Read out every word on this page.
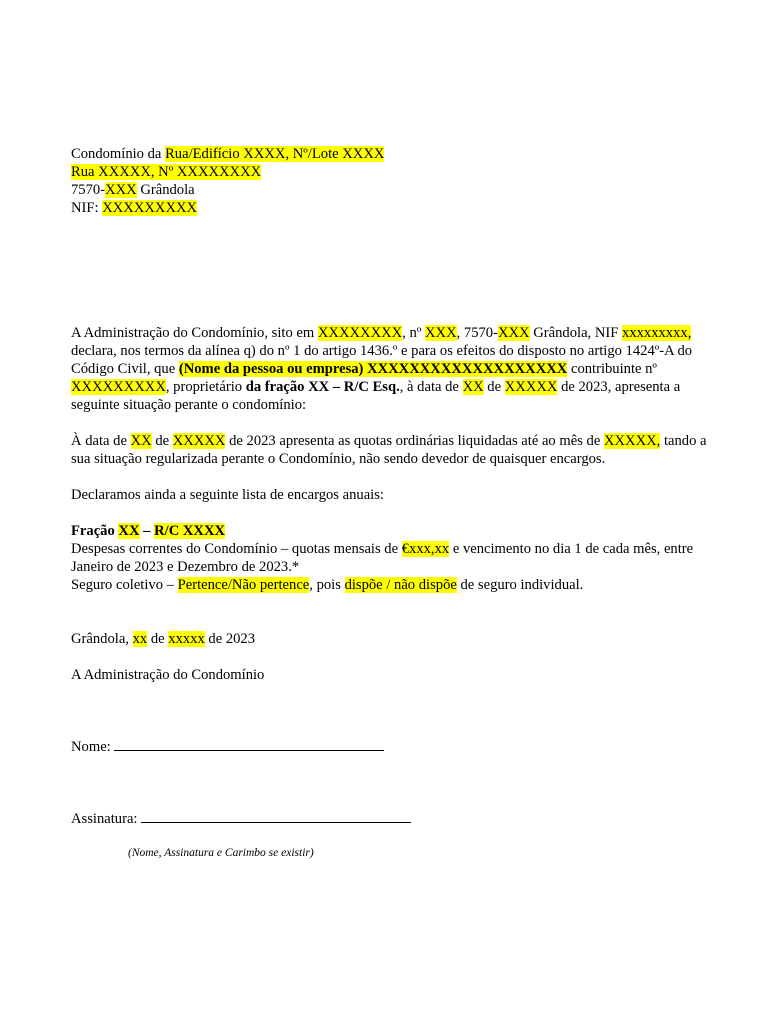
Condomínio da Rua/Edifício XXXX, Nº/Lote XXXX
Rua XXXXX, Nº XXXXXXXX
7570-XXX Grândola
NIF: XXXXXXXXX
A Administração do Condomínio, sito em XXXXXXXX, nº XXX, 7570-XXX Grândola, NIF xxxxxxxxx,
declara, nos termos da alínea q) do nº 1 do artigo 1436.º e para os efeitos do disposto no artigo 1424º-A do
Código Civil, que (Nome da pessoa ou empresa) XXXXXXXXXXXXXXXXXXX contribuinte nº
XXXXXXXXX, proprietário da fração XX – R/C Esq., à data de XX de XXXXX de 2023, apresenta a
seguinte situação perante o condomínio:
À data de XX de XXXXX de 2023 apresenta as quotas ordinárias liquidadas até ao mês de XXXXX, tando a
sua situação regularizada perante o Condomínio, não sendo devedor de quaisquer encargos.
Declaramos ainda a seguinte lista de encargos anuais:
Fração XX – R/C XXXX
Despesas correntes do Condomínio – quotas mensais de €xxx,xx e vencimento no dia 1 de cada mês, entre
Janeiro de 2023 e Dezembro de 2023.*
Seguro coletivo – Pertence/Não pertence, pois dispõe / não dispõe de seguro individual.
Grândola, xx de xxxxx de 2023
A Administração do Condomínio
Nome:
Assinatura:
(Nome, Assinatura e Carimbo se existir)
